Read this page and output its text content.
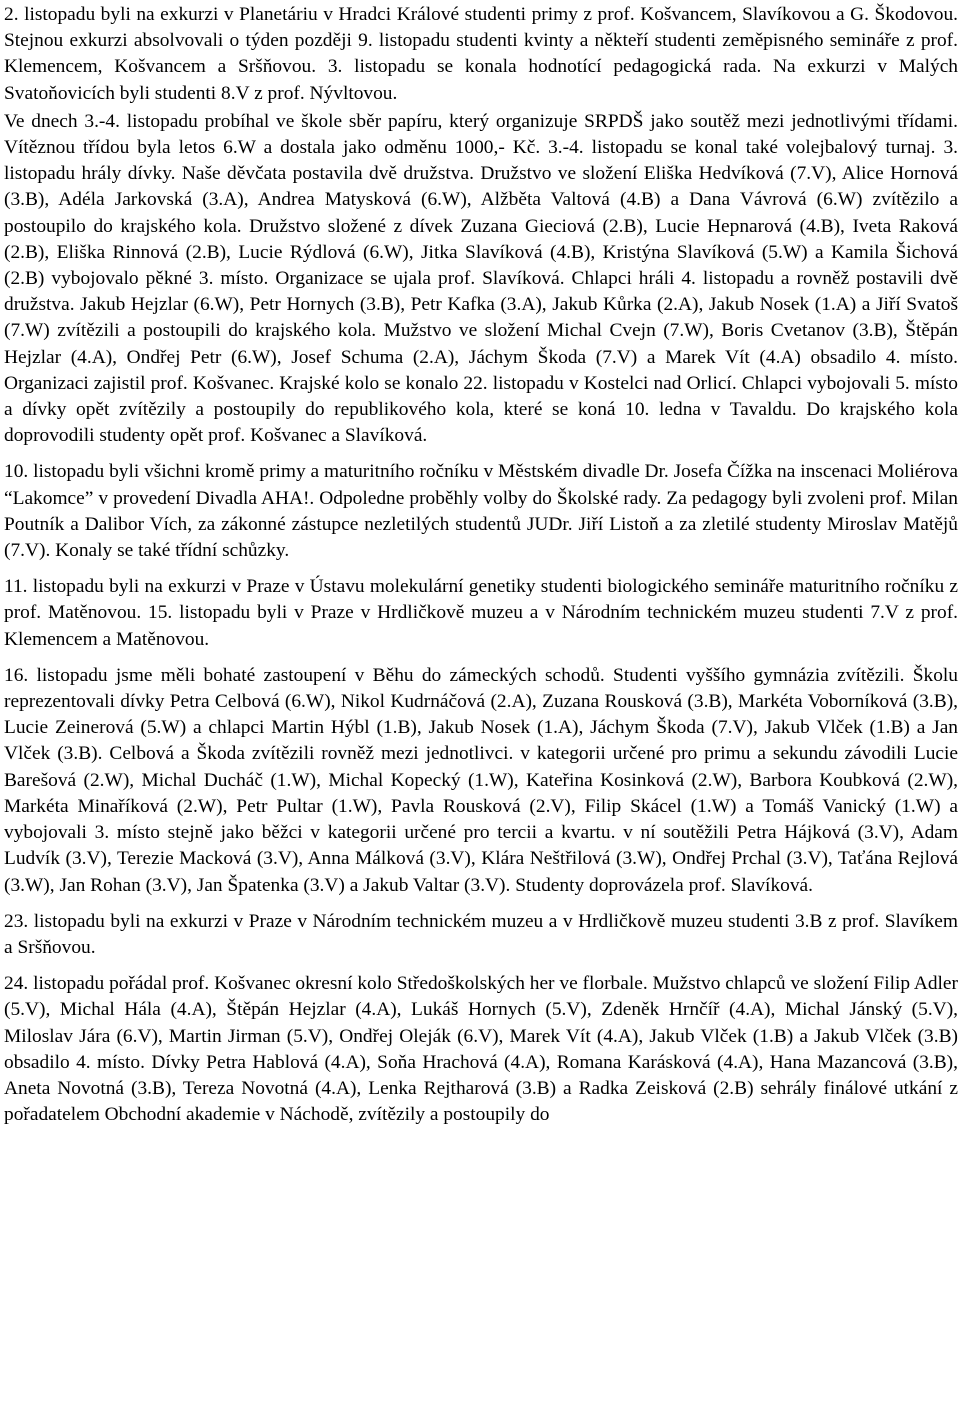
2. listopadu byli na exkurzi v Planetáriu v Hradci Králové studenti primy z prof. Košvancem, Slavíkovou a G. Škodovou. Stejnou exkurzi absolvovali o týden později 9. listopadu studenti kvinty a někteří studenti zeměpisného semináře z prof. Klemencem, Košvancem a Sršňovou. 3. listopadu se konala hodnotící pedagogická rada. Na exkurzi v Malých Svatoňovicích byli studenti 8.V z prof. Nývltovou.

Ve dnech 3.-4. listopadu probíhal ve škole sběr papíru, který organizuje SRPDŠ jako soutěž mezi jednotlivými třídami. Vítěznou třídou byla letos 6.W a dostala jako odměnu 1000,- Kč. 3.-4. listopadu se konal také volejbalový turnaj. 3. listopadu hrály dívky. Naše děvčata postavila dvě družstva. Družstvo ve složení Eliška Hedvíková (7.V), Alice Hornová (3.B), Adéla Jarkovská (3.A), Andrea Matysková (6.W), Alžběta Valtová (4.B) a Dana Vávrová (6.W) zvítězilo a postoupilo do krajského kola. Družstvo složené z dívek Zuzana Gieciová (2.B), Lucie Hepnarová (4.B), Iveta Raková (2.B), Eliška Rinnová (2.B), Lucie Rýdlová (6.W), Jitka Slavíková (4.B), Kristýna Slavíková (5.W) a Kamila Šichová (2.B) vybojovalo pěkné 3. místo. Organizace se ujala prof. Slavíková. Chlapci hráli 4. listopadu a rovněž postavili dvě družstva. Jakub Hejzlar (6.W), Petr Hornych (3.B), Petr Kafka (3.A), Jakub Kůrka (2.A), Jakub Nosek (1.A) a Jiří Svatoš (7.W) zvítězili a postoupili do krajského kola. Mužstvo ve složení Michal Cvejn (7.W), Boris Cvetanov (3.B), Štěpán Hejzlar (4.A), Ondřej Petr (6.W), Josef Schuma (2.A), Jáchym Škoda (7.V) a Marek Vít (4.A) obsadilo 4. místo. Organizaci zajistil prof. Košvanec. Krajské kolo se konalo 22. listopadu v Kostelci nad Orlicí. Chlapci vybojovali 5. místo a dívky opět zvítězily a postoupily do republikového kola, které se koná 10. ledna v Tavaldu. Do krajského kola doprovodili studenty opět prof. Košvanec a Slavíková.

10. listopadu byli všichni kromě primy a maturitního ročníku v Městském divadle Dr. Josefa Čížka na inscenaci Moliérova “Lakomce” v provedení Divadla AHA!. Odpoledne proběhly volby do Školské rady. Za pedagogy byli zvoleni prof. Milan Poutník a Dalibor Vích, za zákonné zástupce nezletilých studentů JUDr. Jiří Listoň a za zletilé studenty Miroslav Matějů (7.V). Konaly se také třídní schůzky.

11. listopadu byli na exkurzi v Praze v Ústavu molekulární genetiky studenti biologického semináře maturitního ročníku z prof. Matěnovou. 15. listopadu byli v Praze v Hrdličkově muzeu a v Národním technickém muzeu studenti 7.V z prof. Klemencem a Matěnovou.

16. listopadu jsme měli bohaté zastoupení v Běhu do zámeckých schodů. Studenti vyššího gymnázia zvítězili. Školu reprezentovali dívky Petra Celbová (6.W), Nikol Kudrnáčová (2.A), Zuzana Rousková (3.B), Markéta Voborníková (3.B), Lucie Zeinerová (5.W) a chlapci Martin Hýbl (1.B), Jakub Nosek (1.A), Jáchym Škoda (7.V), Jakub Vlček (1.B) a Jan Vlček (3.B). Celbová a Škoda zvítězili rovněž mezi jednotlivci. v kategorii určené pro primu a sekundu závodili Lucie Barešová (2.W), Michal Ducháč (1.W), Michal Kopecký (1.W), Kateřina Kosinková (2.W), Barbora Koubková (2.W), Markéta Minaříková (2.W), Petr Pultar (1.W), Pavla Rousková (2.V), Filip Skácel (1.W) a Tomáš Vanický (1.W) a vybojovali 3. místo stejně jako běžci v kategorii určené pro tercii a kvartu. v ní soutěžili Petra Hájková (3.V), Adam Ludvík (3.V), Terezie Macková (3.V), Anna Málková (3.V), Klára Neštřilová (3.W), Ondřej Prchal (3.V), Taťána Rejlová (3.W), Jan Rohan (3.V), Jan Špatenka (3.V) a Jakub Valtar (3.V). Studenty doprovázela prof. Slavíková.

23. listopadu byli na exkurzi v Praze v Národním technickém muzeu a v Hrdličkově muzeu studenti 3.B z prof. Slavíkem a Sršňovou.

24. listopadu pořádal prof. Košvanec okresní kolo Středoškolských her ve florbale. Mužstvo chlapců ve složení Filip Adler (5.V), Michal Hála (4.A), Štěpán Hejzlar (4.A), Lukáš Hornych (5.V), Zdeněk Hrnčíř (4.A), Michal Jánský (5.V), Miloslav Jára (6.V), Martin Jirman (5.V), Ondřej Oleják (6.V), Marek Vít (4.A), Jakub Vlček (1.B) a Jakub Vlček (3.B) obsadilo 4. místo. Dívky Petra Hablová (4.A), Soňa Hrachová (4.A), Romana Karásková (4.A), Hana Mazancová (3.B), Aneta Novotná (3.B), Tereza Novotná (4.A), Lenka Rejtharová (3.B) a Radka Zeisková (2.B) sehrály finálové utkání z pořadatelem Obchodní akademie v Náchodě, zvítězily a postoupily do
